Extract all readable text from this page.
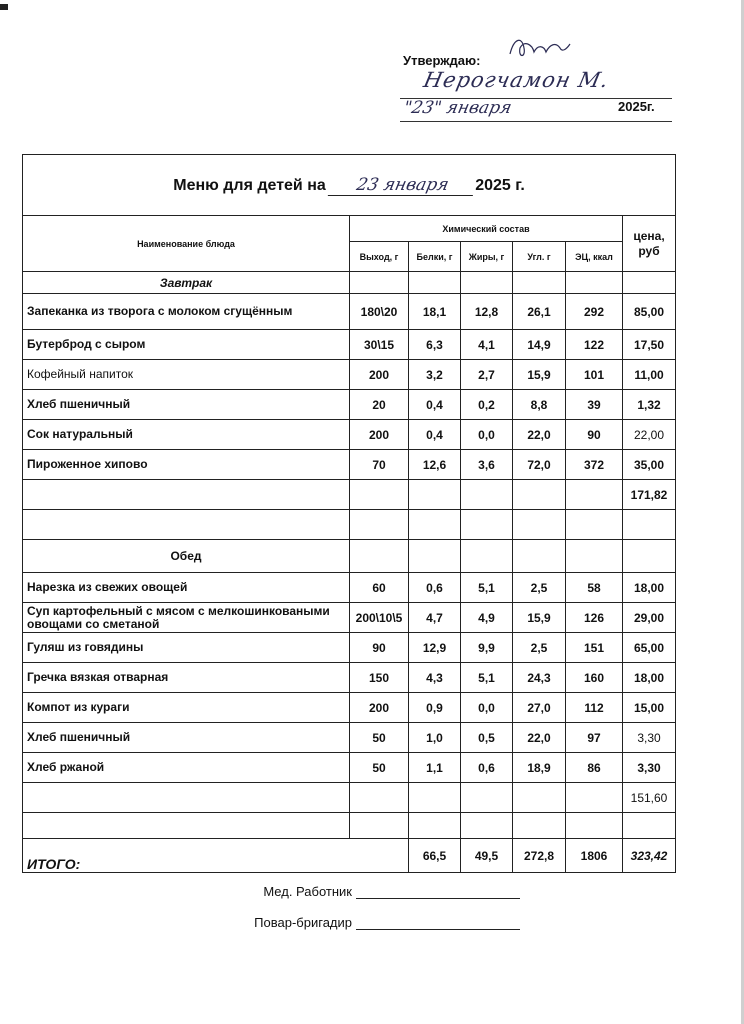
Утверждаю:
Нерогчамон М.
"23" января	2025г.
Меню для детей на 23 января 2025 г.						
Наименование блюда	Химический состав					цена, руб
	Выход, г	Белки, г	Жиры, г	Угл. г	ЭЦ, ккал	
Завтрак						
Запеканка из творога с молоком сгущённым	180\20	18,1	12,8	26,1	292	85,00
Бутерброд с сыром	30\15	6,3	4,1	14,9	122	17,50
Кофейный напиток	200	3,2	2,7	15,9	101	11,00
Хлеб пшеничный	20	0,4	0,2	8,8	39	1,32
Сок натуральный	200	0,4	0,0	22,0	90	22,00
Пироженное хипово	70	12,6	3,6	72,0	372	35,00
						171,82

Обед						
Нарезка из свежих овощей	60	0,6	5,1	2,5	58	18,00
Суп картофельный с мясом с мелкошинковаными овощами со сметаной	200\10\5	4,7	4,9	15,9	126	29,00
Гуляш из говядины	90	12,9	9,9	2,5	151	65,00
Гречка вязкая отварная	150	4,3	5,1	24,3	160	18,00
Компот из кураги	200	0,9	0,0	27,0	112	15,00
Хлеб пшеничный	50	1,0	0,5	22,0	97	3,30
Хлеб ржаной	50	1,1	0,6	18,9	86	3,30
						151,60

ИТОГО:		66,5	49,5	272,8	1806	323,42
Мед. Работник
Повар-бригадир
